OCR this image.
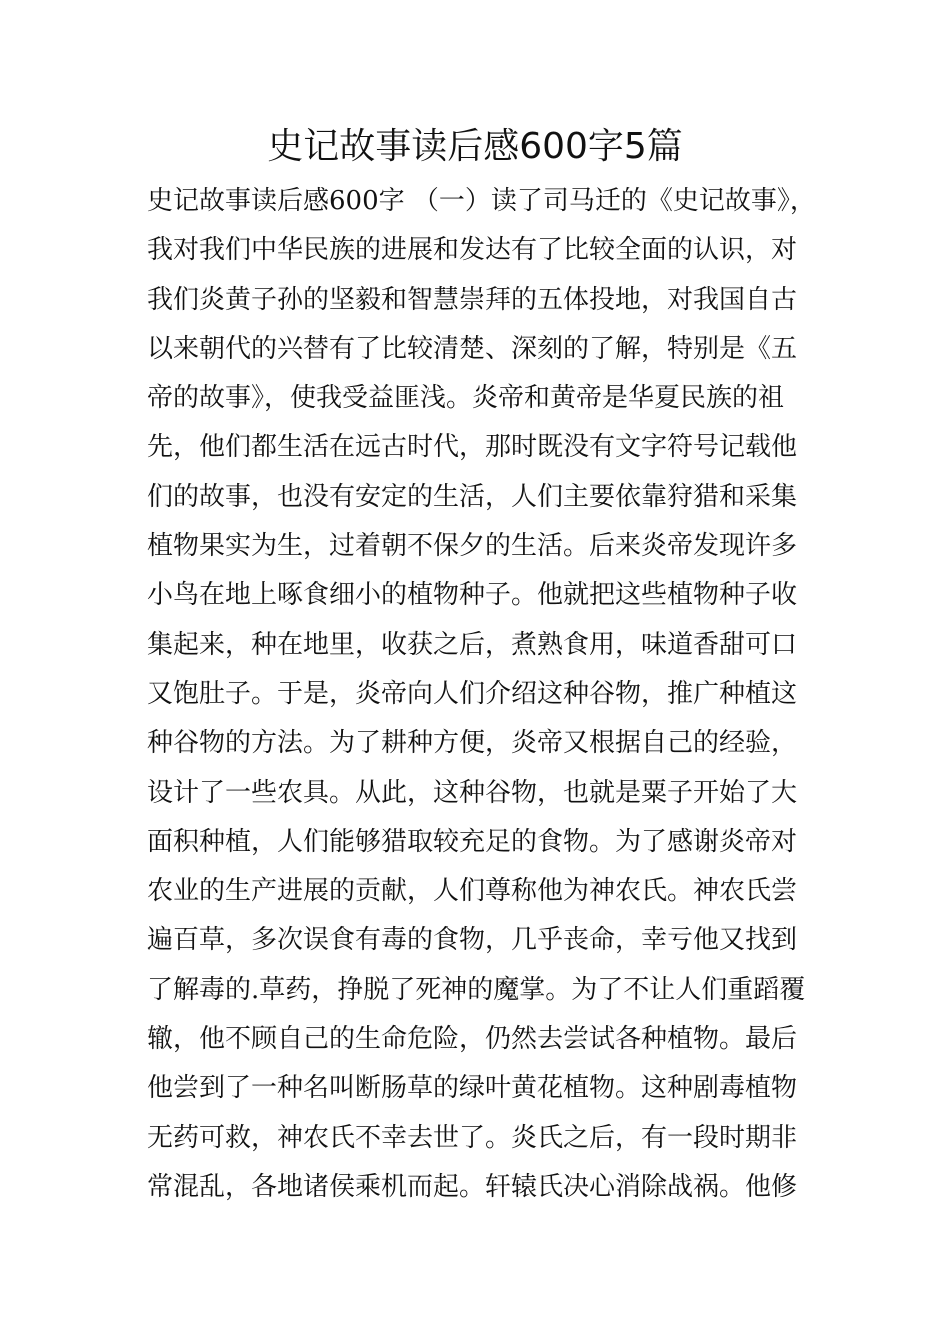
史记故事读后感600字5篇
史记故事读后感600字 （一）读了司马迁的《史记故事》，
我对我们中华民族的进展和发达有了比较全面的认识，对
我们炎黄子孙的坚毅和智慧崇拜的五体投地，对我国自古
以来朝代的兴替有了比较清楚、深刻的了解，特别是《五
帝的故事》，使我受益匪浅。炎帝和黄帝是华夏民族的祖
先，他们都生活在远古时代，那时既没有文字符号记载他
们的故事，也没有安定的生活，人们主要依靠狩猎和采集
植物果实为生，过着朝不保夕的生活。后来炎帝发现许多
小鸟在地上啄食细小的植物种子。他就把这些植物种子收
集起来，种在地里，收获之后，煮熟食用，味道香甜可口
又饱肚子。于是，炎帝向人们介绍这种谷物，推广种植这
种谷物的方法。为了耕种方便，炎帝又根据自己的经验，
设计了一些农具。从此，这种谷物，也就是粟子开始了大
面积种植，人们能够猎取较充足的食物。为了感谢炎帝对
农业的生产进展的贡献，人们尊称他为神农氏。神农氏尝
遍百草，多次误食有毒的食物，几乎丧命，幸亏他又找到
了解毒的.草药，挣脱了死神的魔掌。为了不让人们重蹈覆
辙，他不顾自己的生命危险，仍然去尝试各种植物。最后
他尝到了一种名叫断肠草的绿叶黄花植物。这种剧毒植物
无药可救，神农氏不幸去世了。炎氏之后，有一段时期非
常混乱，各地诸侯乘机而起。轩辕氏决心消除战祸。他修
